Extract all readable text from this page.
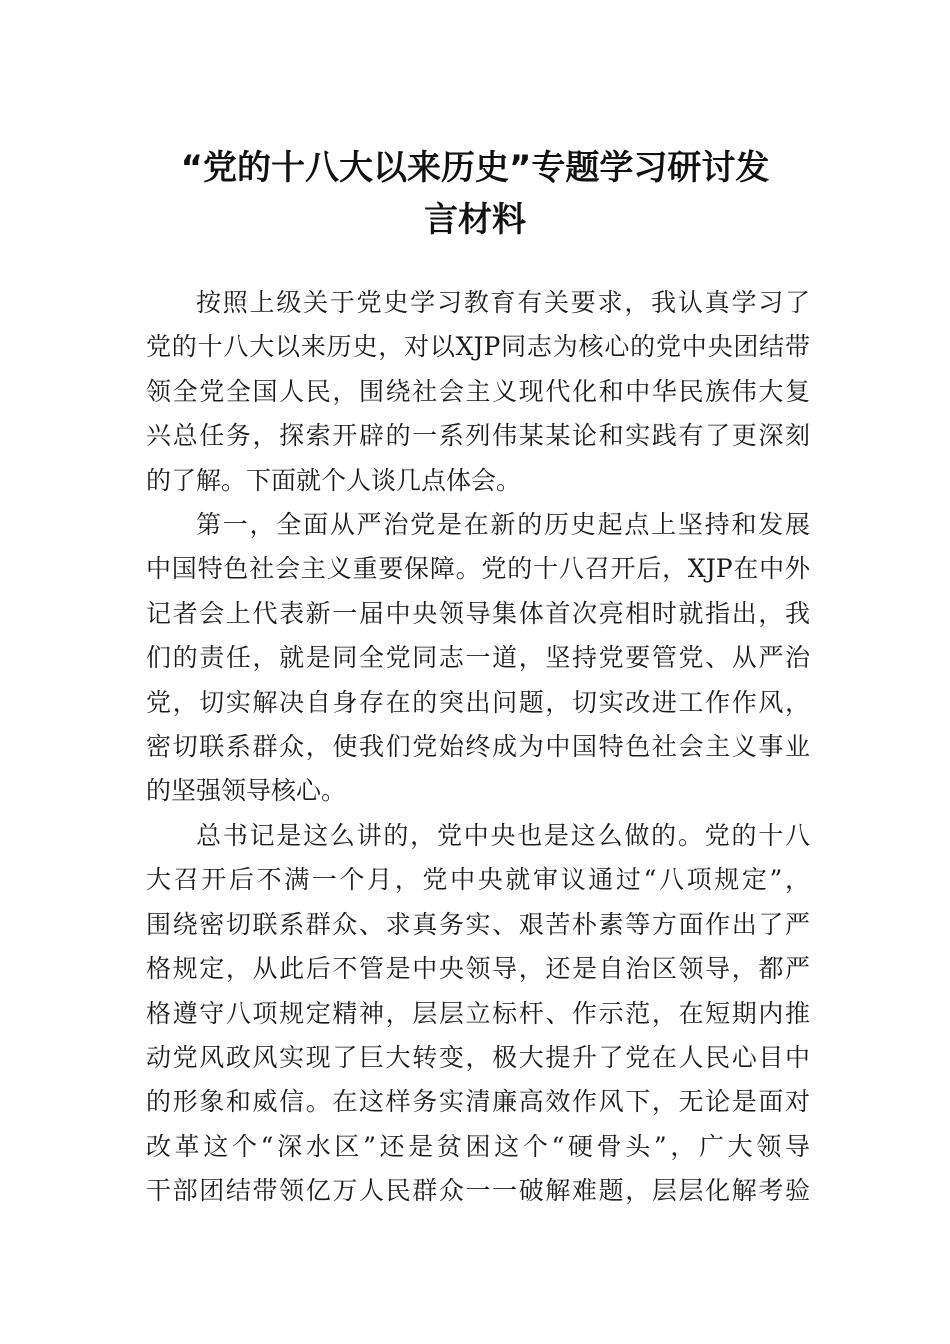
“党的十八大以来历史”专题学习研讨发
言材料

按照上级关于党史学习教育有关要求，我认真学习了
党的十八大以来历史，对以XJP同志为核心的党中央团结带
领全党全国人民，围绕社会主义现代化和中华民族伟大复
兴总任务，探索开辟的一系列伟某某论和实践有了更深刻
的了解。下面就个人谈几点体会。

第一，全面从严治党是在新的历史起点上坚持和发展
中国特色社会主义重要保障。党的十八召开后，XJP在中外
记者会上代表新一届中央领导集体首次亮相时就指出，我
们的责任，就是同全党同志一道，坚持党要管党、从严治
党，切实解决自身存在的突出问题，切实改进工作作风，
密切联系群众，使我们党始终成为中国特色社会主义事业
的坚强领导核心。

总书记是这么讲的，党中央也是这么做的。党的十八
大召开后不满一个月，党中央就审议通过“八项规定”，
围绕密切联系群众、求真务实、艰苦朴素等方面作出了严
格规定，从此后不管是中央领导，还是自治区领导，都严
格遵守八项规定精神，层层立标杆、作示范，在短期内推
动党风政风实现了巨大转变，极大提升了党在人民心目中
的形象和威信。在这样务实清廉高效作风下，无论是面对
改革这个“深水区”还是贫困这个“硬骨头”，广大领导
干部团结带领亿万人民群众一一破解难题，层层化解考验
